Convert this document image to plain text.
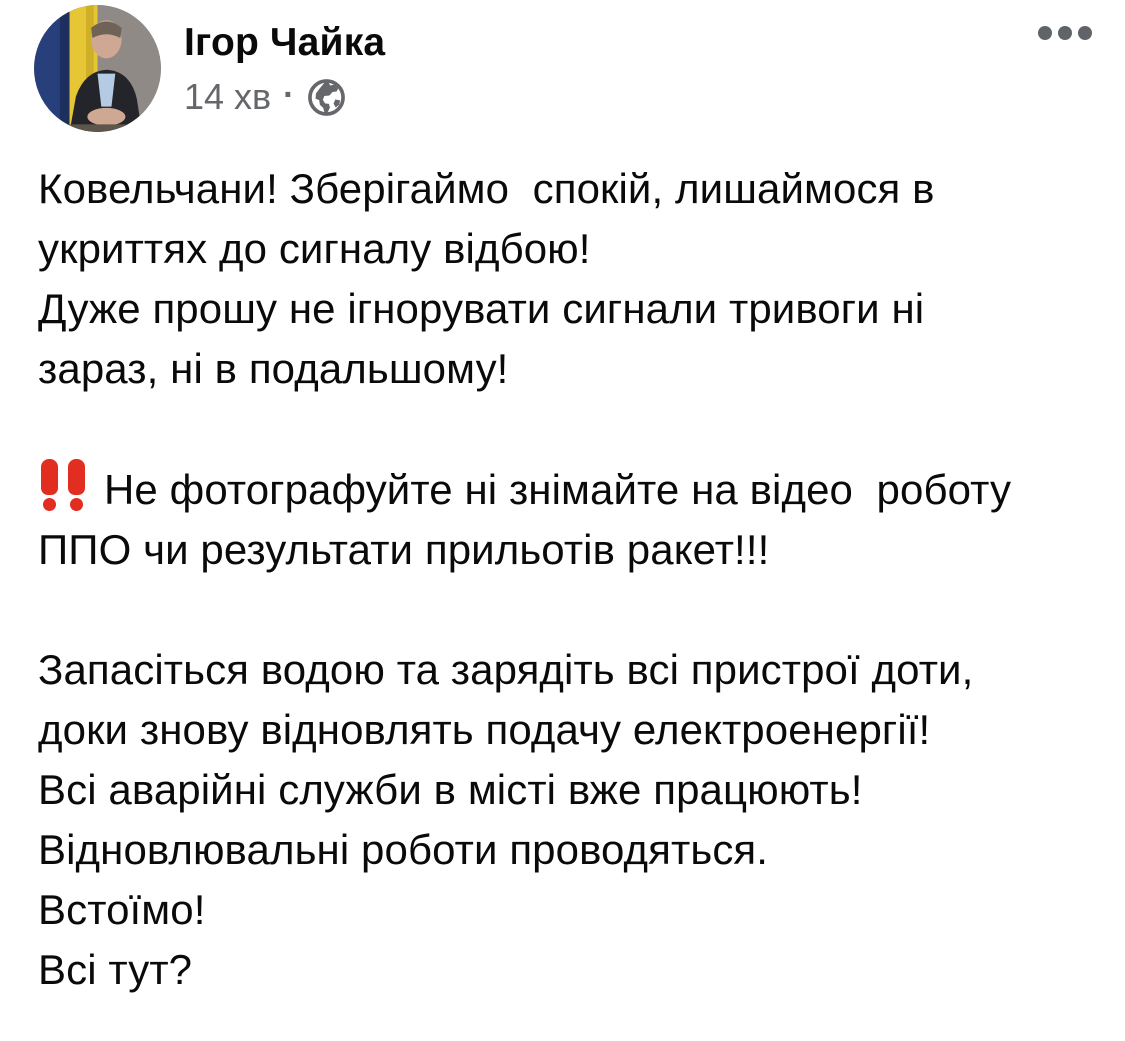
Ігор Чайка
14 хв ·
Ковельчани! Зберігаймо  спокій, лишаймося в
укриттях до сигналу відбою!
Дуже прошу не ігнорувати сигнали тривоги ні
зараз, ні в подальшому!
Не фотографуйте ні знімайте на відео  роботу
ППО чи результати прильотів ракет!!!
Запасіться водою та зарядіть всі пристрої доти,
доки знову відновлять подачу електроенергії!
Всі аварійні служби в місті вже працюють!
Відновлювальні роботи проводяться.
Встоїмо!
Всі тут?
